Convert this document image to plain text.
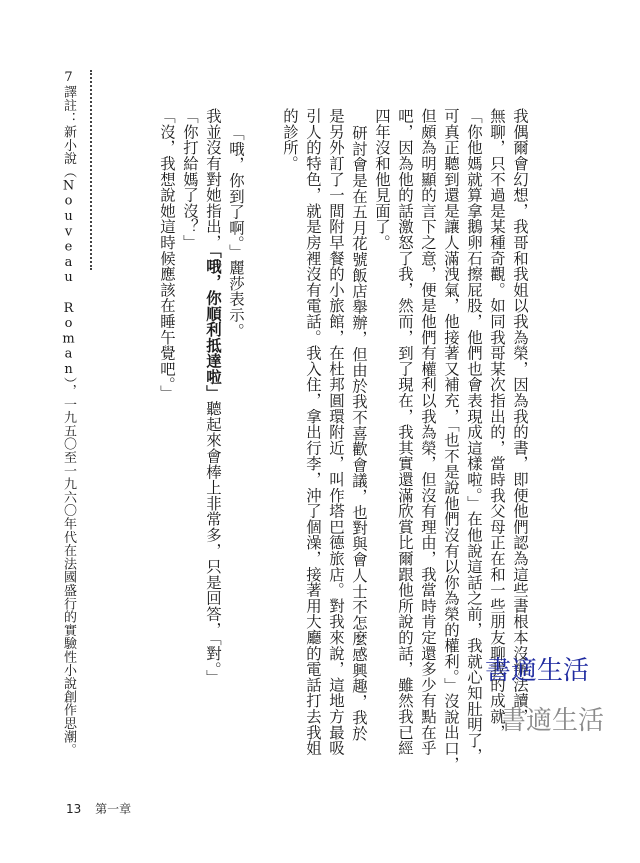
我偶爾會幻想，我哥和我姐以我為榮，因為我的書，即便他們認為這些書根本沒辦法讀，
無聊，只不過是某種奇觀。如同我哥某次指出的，當時我父母正在和一些朋友聊我的成就，
「你他媽就算拿鵝卵石擦屁股，他們也會表現成這樣啦。」在他說這話之前，我就心知肚明了，
可真正聽到還是讓人滿洩氣，他接著又補充，「也不是說他們沒有以你為榮的權利。」沒說出口，
但頗為明顯的言下之意，便是他們有權利以我為榮，但沒有理由，我當時肯定還多少有點在乎
吧，因為他的話激怒了我，然而，到了現在，我其實還滿欣賞比爾跟他所說的話，雖然我已經
四年沒和他見面了。
研討會是在五月花號飯店舉辦，但由於我不喜歡會議，也對與會人士不怎麼感興趣，我於
是另外訂了一間附早餐的小旅館，在杜邦圓環附近，叫作塔巴德旅店。對我來說，這地方最吸
引人的特色，就是房裡沒有電話。我入住，拿出行李，沖了個澡，接著用大廳的電話打去我姐
的診所。
「哦，你到了啊。」麗莎表示。
我並沒有對她指出，「哦，你順利抵達啦」聽起來會棒上非常多，只是回答，「對。」
「你打給媽了沒？」
「沒，我想說她這時候應該在睡午覺吧。」
7譯註：新小說（Nouveau Roman），一九五〇至一九六〇年代在法國盛行的實驗性小說創作思潮。
13 第一章
書適生活
書適生活
